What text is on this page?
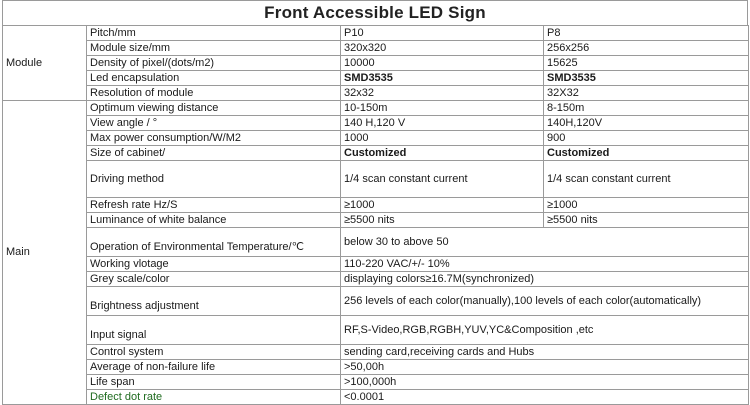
Front Accessible LED Sign
Module	Pitch/mm	P10	P8
	Module size/mm	320x320	256x256
	Density of pixel/(dots/m2)	10000	15625
	Led encapsulation	SMD3535	SMD3535
	Resolution of module	32x32	32X32
Main	Optimum viewing distance	10-150m	8-150m
	View angle / °	140 H,120 V	140H,120V
	Max power consumption/W/M2	1000	900
	Size of cabinet/	Customized	Customized
	Driving method	1/4 scan constant current	1/4 scan constant current
	Refresh rate Hz/S	≥1000	≥1000
	Luminance of white balance	≥5500 nits	≥5500 nits
	Operation of Environmental Temperature/℃	below 30 to above 50	
	Working vlotage	110-220 VAC/+/- 10%	
	Grey scale/color	displaying colors≥16.7M(synchronized)	
	Brightness adjustment	256 levels of each color(manually),100 levels of each color(automatically)	
	Input signal	RF,S-Video,RGB,RGBH,YUV,YC&Composition ,etc	
	Control system	sending card,receiving cards and Hubs	
	Average of non-failure life	>50,00h	
	Life span	>100,000h	
	Defect dot rate	<0.0001	
